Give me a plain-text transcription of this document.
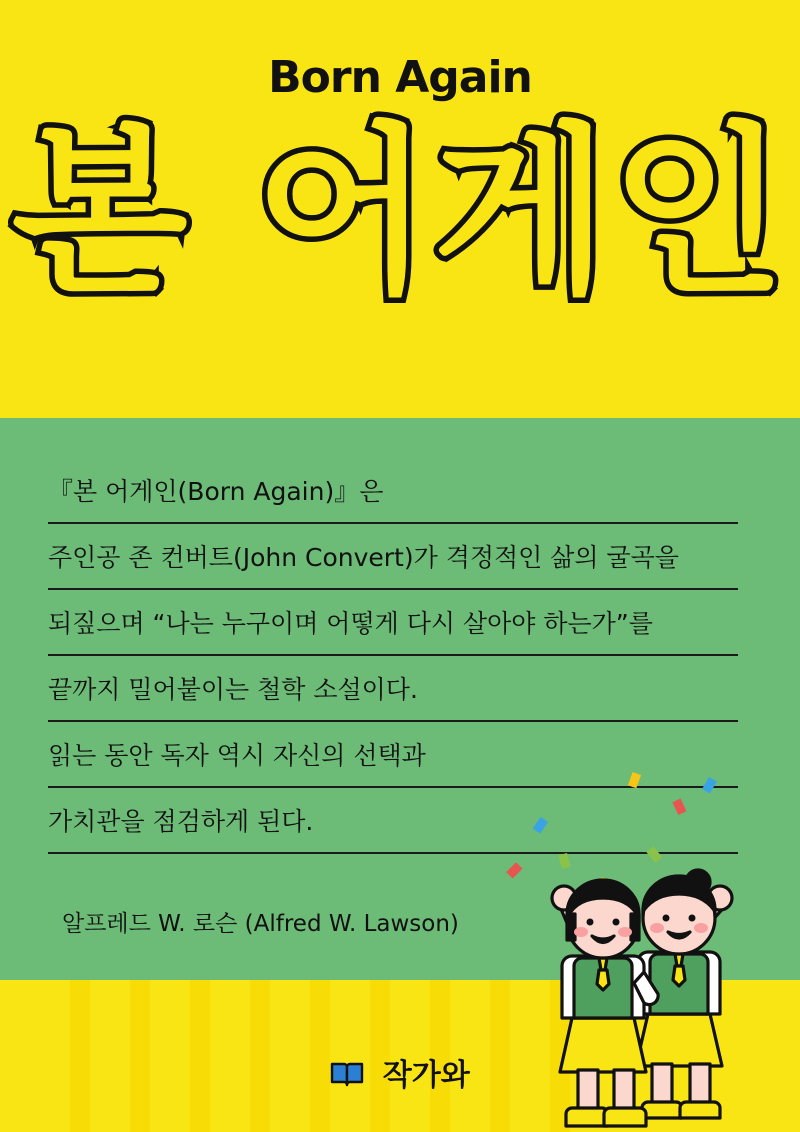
Born Again
본 어게인
『본 어게인(Born Again)』은
주인공 존 컨버트(John Convert)가 격정적인 삶의 굴곡을
되짚으며 “나는 누구이며 어떻게 다시 살아야 하는가”를
끝까지 밀어붙이는 철학 소설이다.
읽는 동안 독자 역시 자신의 선택과
가치관을 점검하게 된다.
알프레드 W. 로슨 (Alfred W. Lawson)
작가와
